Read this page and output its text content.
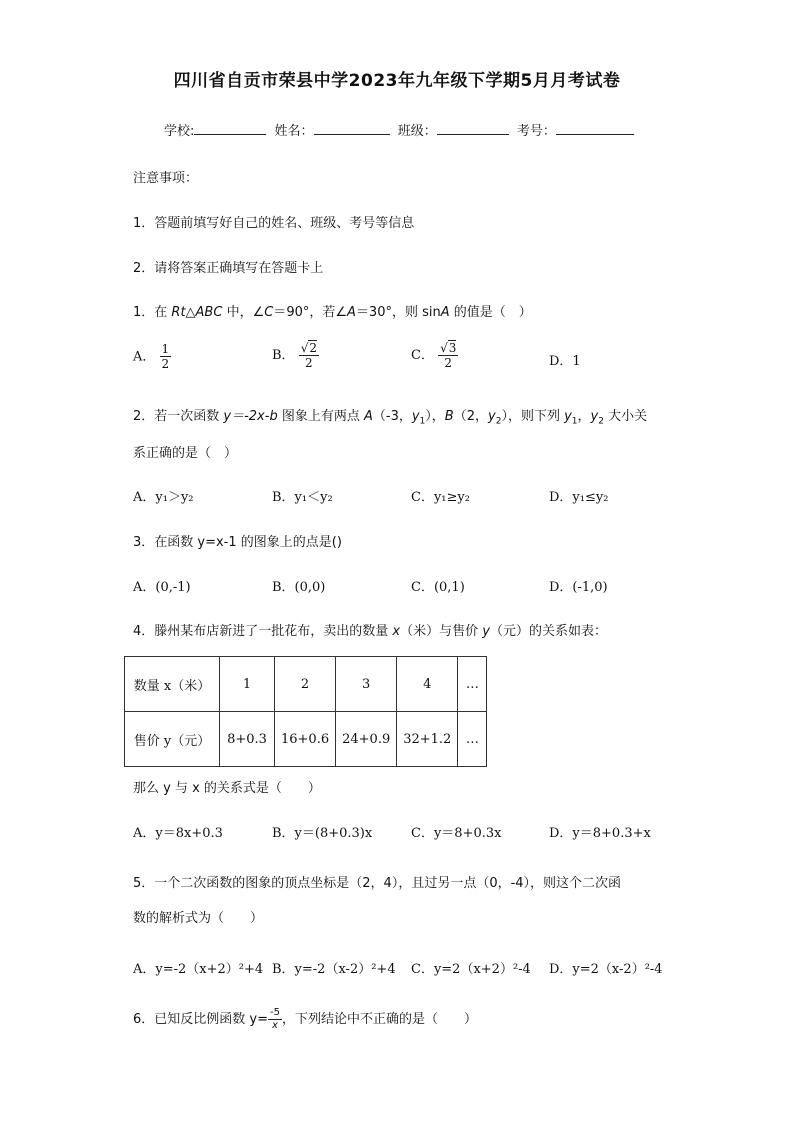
四川省自贡市荣县中学2023年九年级下学期5月月考试卷
学校:	姓名：	班级：	考号：
注意事项：
1．答题前填写好自己的姓名、班级、考号等信息
2．请将答案正确填写在答题卡上
1．在 Rt△ABC 中，∠C＝90°，若∠A＝30°，则 sinA 的值是（　）
A． $\frac{1}{2}$	B． $\frac{√2}{2}$	C． $\frac{√3}{2}$	D．1
2．若一次函数 y＝-2x-b 图象上有两点 A（-3，$y_1$），B（2，$y_2$），则下列 $y_1$，$y_2$ 大小关
系正确的是（　）
A．y₁＞y₂	B．y₁＜y₂	C．y₁≥y₂	D．y₁≤y₂
3．在函数 y=x-1 的图象上的点是()
A．(0,-1)	B．(0,0)	C．(0,1)	D．(-1,0)
4．滕州某布店新进了一批花布，卖出的数量 x（米）与售价 y（元）的关系如表：
数量 x（米）	1	2	3	4	…
售价 y（元）	8+0.3	16+0.6	24+0.9	32+1.2	…
那么 y 与 x 的关系式是（　　）
A．y＝8x+0.3	B．y＝(8+0.3)x	C．y＝8+0.3x	D．y＝8+0.3+x
5．一个二次函数的图象的顶点坐标是（2，4），且过另一点（0，-4），则这个二次函
数的解析式为（　　）
A．y=-2（x+2）²+4 B．y=-2（x-2）²+4 C．y=2（x+2）²-4 D．y=2（x-2）²-4
6．已知反比例函数 $y= \frac{-5}{x}$ ，下列结论中不正确的是（　　）
